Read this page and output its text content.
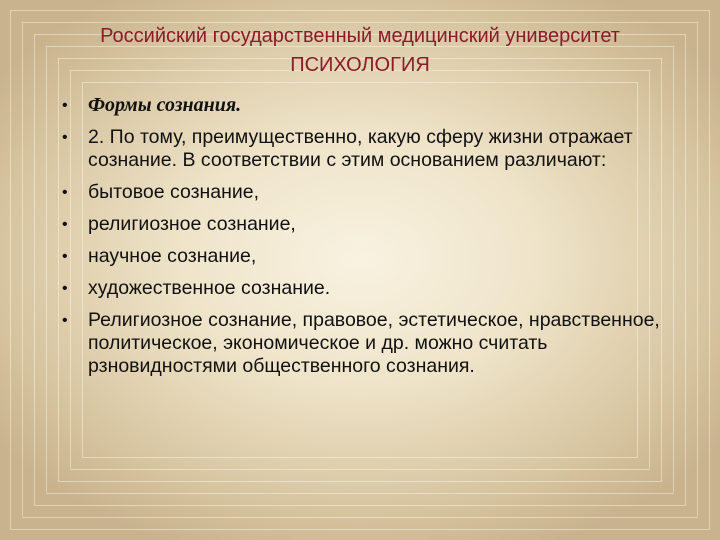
Российский государственный медицинский университет
ПСИХОЛОГИЯ
• Формы сознания.
• 2. По тому, преимущественно, какую сферу жизни отражает сознание. В соответствии с этим основанием различают:
• бытовое сознание,
• религиозное сознание,
• научное сознание,
• художественное сознание.
• Религиозное сознание, правовое, эстетическое, нравственное, политическое, экономическое и др. можно считать рзновидностями общественного сознания.
